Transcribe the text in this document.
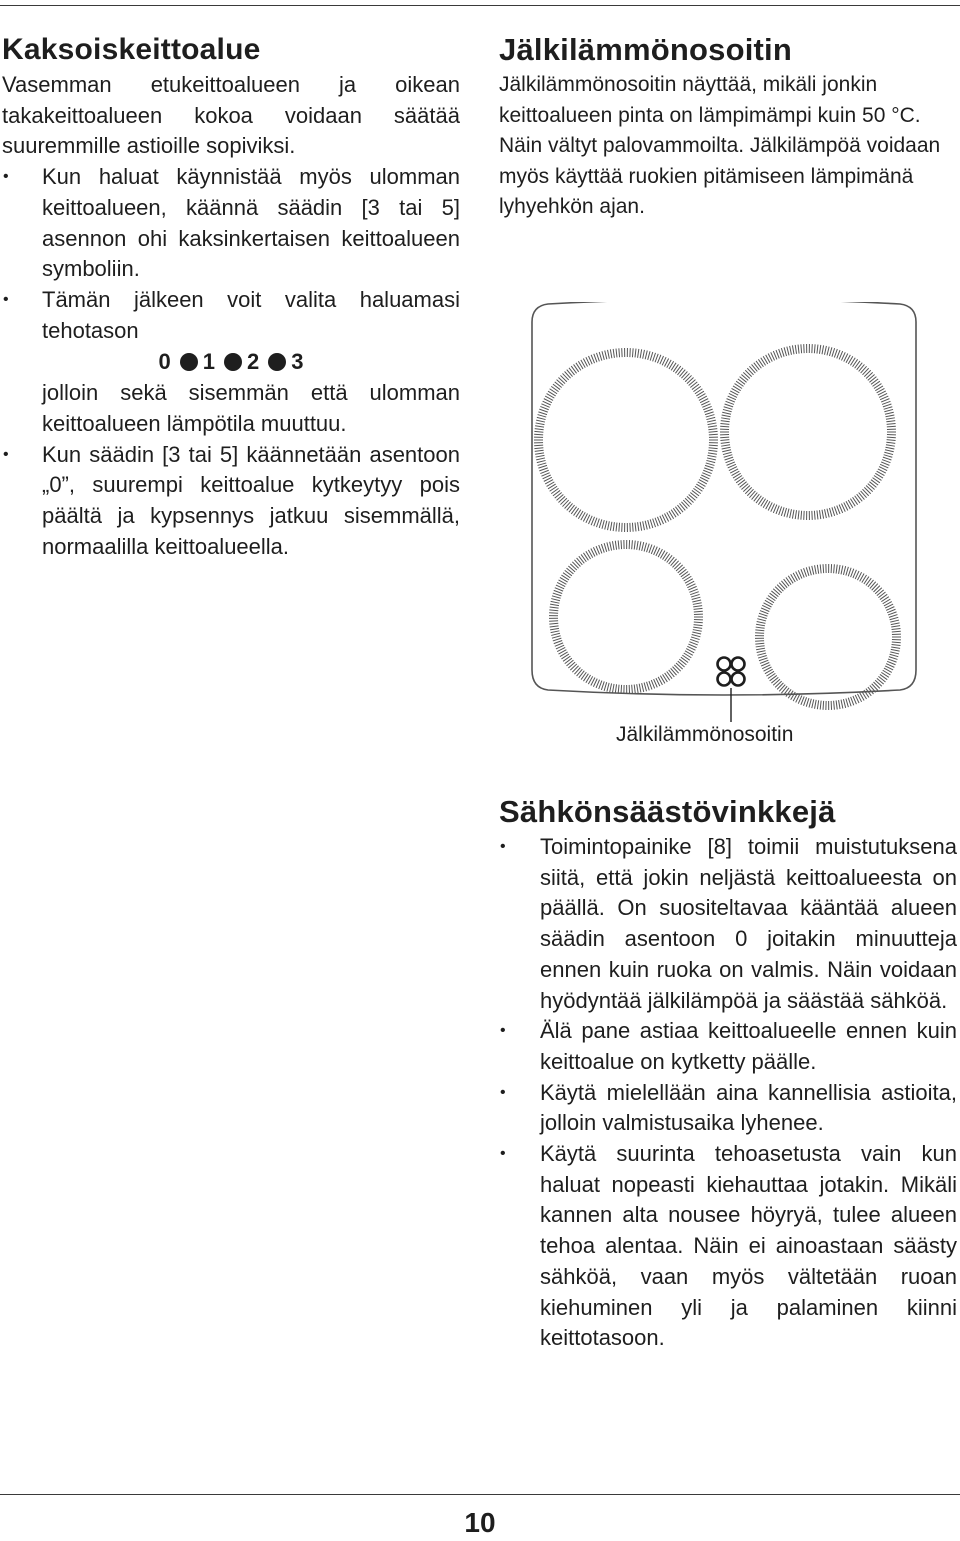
Kaksoiskeittoalue

Vasemman etukeittoalueen ja oikean takakeittoalueen kokoa voidaan säätää suuremmille astioille sopiviksi.

• Kun haluat käynnistää myös ulomman keittoalueen, käännä säädin [3 tai 5] asennon ohi kaksinkertaisen keittoalueen symboliin.
• Tämän jälkeen voit valita haluamasi tehotason
0 1 2 3
jolloin sekä sisemmän että ulomman keittoalueen lämpötila muuttuu.
• Kun säädin [3 tai 5] käännetään asentoon „0”, suurempi keittoalue kytkeytyy pois päältä ja kypsennys jatkuu sisemmällä, normaalilla keittoalueella.
Jälkilämmönosoitin

Jälkilämmönosoitin näyttää, mikäli jonkin keittoalueen pinta on lämpimämpi kuin 50 °C. Näin vältyt palovammoilta. Jälkilämpöä voidaan myös käyttää ruokien pitämiseen lämpimänä lyhyehkön ajan.

Jälkilämmönosoitin
Sähkönsäästövinkkejä
• Toimintopainike [8] toimii muistutuksena siitä, että jokin neljästä keittoalueesta on päällä. On suositeltavaa kääntää alueen säädin asentoon 0 joitakin minuutteja ennen kuin ruoka on valmis. Näin voidaan hyödyntää jälkilämpöä ja säästää sähköä.
• Älä pane astiaa keittoalueelle ennen kuin keittoalue on kytketty päälle.
• Käytä mielellään aina kannellisia astioita, jolloin valmistusaika lyhenee.
• Käytä suurinta tehoasetusta vain kun haluat nopeasti kiehauttaa jotakin. Mikäli kannen alta nousee höyryä, tulee alueen tehoa alentaa. Näin ei ainoastaan säästy sähköä, vaan myös vältetään ruoan kiehuminen yli ja palaminen kiinni keittotasoon.
10
